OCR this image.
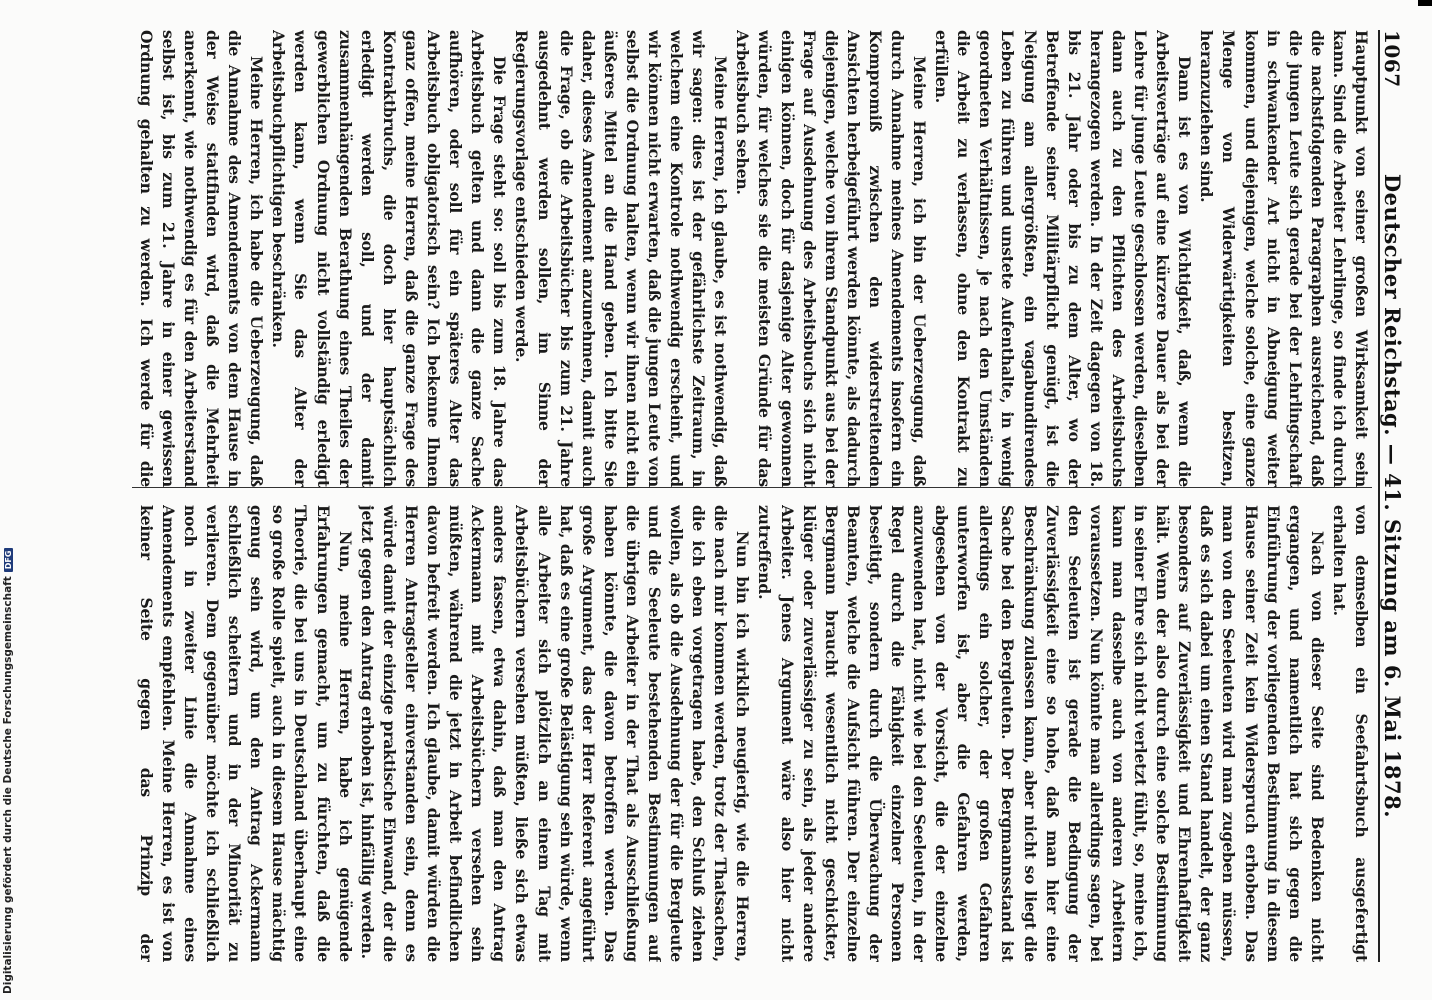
Digitalisierung gefördert durch die Deutsche ForschungsgemeinschaftDFG
1067
Deutscher Reichstag. — 41. Sitzung am 6. Mai 1878.

Hauptpunkt von seiner großen Wirksamkeit sein kann. Sind die Arbeiter Lehrlinge, so finde ich durch die nachstfolgenden Paragraphen ausreichend, daß die jungen Leute sich gerade bei der Lehrlingschaft in schwankender Art nicht in Abneigung weiter kommen, und diejenigen, welche solche, eine ganze Menge von Widerwärtigkeiten besitzen, heranzuziehen sind.

Dann ist es von Wichtigkeit, daß, wenn die Arbeitsverträge auf eine kürzere Dauer als bei der Lehre für junge Leute geschlossen werden, dieselben dann auch zu den Pflichten des Arbeitsbuchs herangezogen werden. In der Zeit dagegen von 18. bis 21. Jahr oder bis zu dem Alter, wo der Betreffende seiner Militärpflicht genügt, ist die Neigung am allergrößten, ein vagabundirendes Leben zu führen und unstete Aufenthalte, in wenig geordneten Verhältnissen, je nach den Umständen die Arbeit zu verlassen, ohne den Kontrakt zu erfüllen.

Meine Herren, ich bin der Ueberzeugung, daß durch Annahme meines Amendements insofern ein Kompromiß zwischen den widerstreitenden Ansichten herbeigeführt werden könnte, als dadurch diejenigen, welche von ihrem Standpunkt aus bei der Frage auf Ausdehnung des Arbeitsbuchs sich nicht einigen können, doch für dasjenige Alter gewonnen würden, für welches sie die meisten Gründe für das Arbeitsbuch sehen.

Meine Herren, ich glaube, es ist nothwendig, daß wir sagen: dies ist der gefährlichste Zeitraum, in welchem eine Kontrole nothwendig erscheint, und wir können nicht erwarten, daß die jungen Leute von selbst die Ordnung halten, wenn wir ihnen nicht ein äußeres Mittel an die Hand geben. Ich bitte Sie daher, dieses Amendement anzunehmen, damit auch die Frage, ob die Arbeitsbücher bis zum 21. Jahre ausgedehnt werden sollen, im Sinne der Regierungsvorlage entschieden werde.

Die Frage steht so: soll bis zum 18. Jahre das Arbeitsbuch gelten und dann die ganze Sache aufhören, oder soll für ein späteres Alter das Arbeitsbuch obligatorisch sein? Ich bekenne Ihnen ganz offen, meine Herren, daß die ganze Frage des Kontraktbruchs, die doch hier hauptsächlich erledigt werden soll, und der damit zusammenhängenden Berathung eines Theiles der gewerblichen Ordnung nicht vollständig erledigt werden kann, wenn Sie das Alter der Arbeitsbuchpflichtigen beschränken.

Meine Herren, ich habe die Ueberzeugung, daß die Annahme des Amendements von dem Hause in der Weise stattfinden wird, daß die Mehrheit anerkennt, wie nothwendig es für den Arbeiterstand selbst ist, bis zum 21. Jahre in einer gewissen Ordnung gehalten zu werden. Ich werde für die

von demselben ein Seefahrtsbuch ausgefertigt erhalten hat.

Nach von dieser Seite sind Bedenken nicht ergangen, und namentlich hat sich gegen die Einführung der vorliegenden Bestimmung in diesem Hause seiner Zeit kein Widerspruch erhoben. Das man von den Seeleuten wird man zugeben müssen, daß es sich dabei um einen Stand handelt, der ganz besonders auf Zuverlässigkeit und Ehrenhaftigkeit hält. Wenn der also durch eine solche Bestimmung in seiner Ehre sich nicht verletzt fühlt, so, meine ich, kann man dasselbe auch von anderen Arbeitern voraussetzen. Nun könnte man allerdings sagen, bei den Seeleuten ist gerade die Bedingung der Zuverlässigkeit eine so hohe, daß man hier eine Beschränkung zulassen kann, aber nicht so liegt die Sache bei den Bergleuten. Der Bergmannsstand ist allerdings ein solcher, der großen Gefahren unterworfen ist, aber die Gefahren werden, abgesehen von der Vorsicht, die der einzelne anzuwenden hat, nicht wie bei den Seeleuten, in der Regel durch die Fähigkeit einzelner Personen beseitigt, sondern durch die Überwachung der Beamten, welche die Aufsicht führen. Der einzelne Bergmann braucht wesentlich nicht geschickter, klüger oder zuverlässiger zu sein, als jeder andere Arbeiter. Jenes Argument wäre also hier nicht zutreffend.

Nun bin ich wirklich neugierig, wie die Herren, die nach mir kommen werden, trotz der Thatsachen, die ich eben vorgetragen habe, den Schluß ziehen wollen, als ob die Ausdehnung der für die Bergleute und die Seeleute bestehenden Bestimmungen auf die übrigen Arbeiter in der That als Ausschließung haben könnte, die davon betroffen werden. Das große Argument, das der Herr Referent angeführt hat, daß es eine große Belästigung sein würde, wenn alle Arbeiter sich plötzlich an einem Tag mit Arbeitsbüchern versehen müßten, ließe sich etwas anders fassen, etwa dahin, daß man den Antrag Ackermann mit Arbeitsbüchern versehen sein müßten, während die jetzt in Arbeit befindlichen davon befreit werden. Ich glaube, damit würden die Herren Antragsteller einverstanden sein, denn es würde damit der einzige praktische Einwand, der die jetzt gegen den Antrag erhoben ist, hinfällig werden.

Nun, meine Herren, habe ich genügende Erfahrungen gemacht, um zu fürchten, daß die Theorie, die bei uns in Deutschland überhaupt eine so große Rolle spielt, auch in diesem Hause mächtig genug sein wird, um den Antrag Ackermann schließlich scheitern und in der Minorität zu verlieren. Dem gegenüber möchte ich schließlich noch in zweiter Linie die Annahme eines Amendements empfehlen. Meine Herren, es ist von keiner Seite gegen das Prinzip der
